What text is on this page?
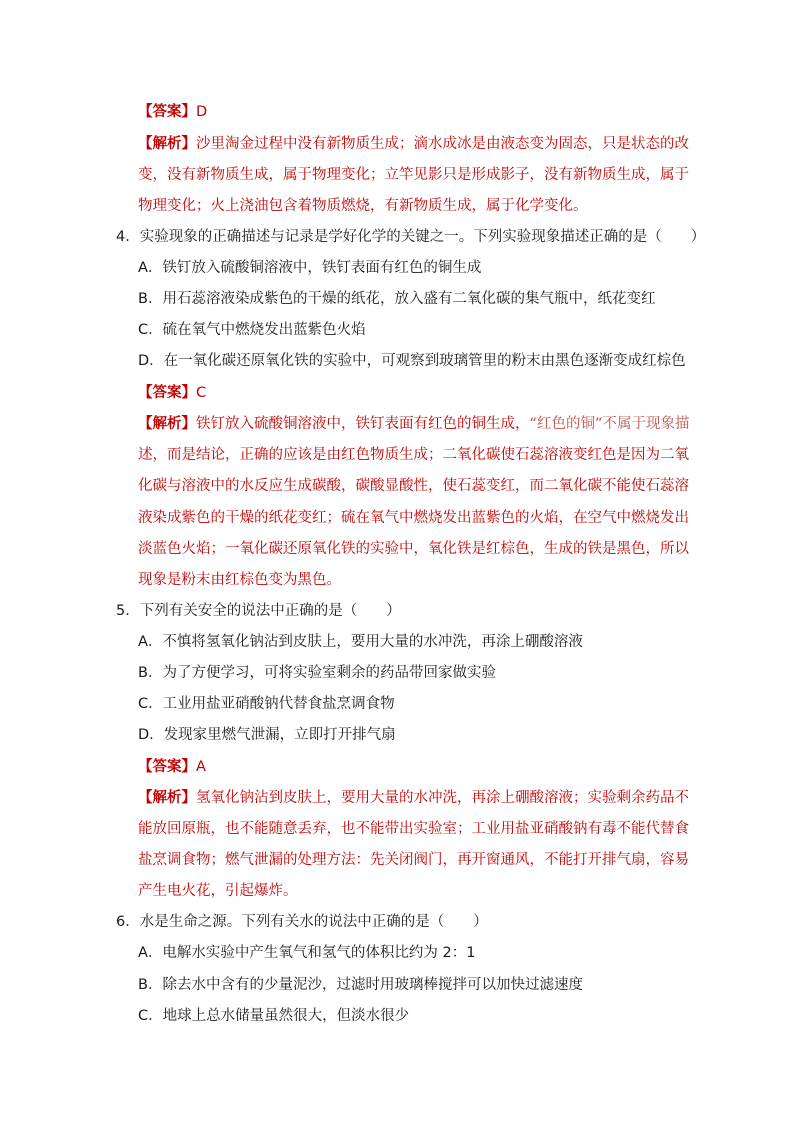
【答案】D
【解析】沙里淘金过程中没有新物质生成；滴水成冰是由液态变为固态，只是状态的改
变，没有新物质生成，属于物理变化；立竿见影只是形成影子，没有新物质生成，属于
物理变化；火上浇油包含着物质燃烧，有新物质生成，属于化学变化。
4．实验现象的正确描述与记录是学好化学的关键之一。下列实验现象描述正确的是（　　）
A．铁钉放入硫酸铜溶液中，铁钉表面有红色的铜生成
B．用石蕊溶液染成紫色的干燥的纸花，放入盛有二氧化碳的集气瓶中，纸花变红
C．硫在氧气中燃烧发出蓝紫色火焰
D．在一氧化碳还原氧化铁的实验中，可观察到玻璃管里的粉末由黑色逐渐变成红棕色
【答案】C
【解析】铁钉放入硫酸铜溶液中，铁钉表面有红色的铜生成，“红色的铜”不属于现象描
述，而是结论，正确的应该是由红色物质生成；二氧化碳使石蕊溶液变红色是因为二氧
化碳与溶液中的水反应生成碳酸，碳酸显酸性，使石蕊变红，而二氧化碳不能使石蕊溶
液染成紫色的干燥的纸花变红；硫在氧气中燃烧发出蓝紫色的火焰，在空气中燃烧发出
淡蓝色火焰；一氧化碳还原氧化铁的实验中，氧化铁是红棕色，生成的铁是黑色，所以
现象是粉末由红棕色变为黑色。
5．下列有关安全的说法中正确的是（　　）
A．不慎将氢氧化钠沾到皮肤上，要用大量的水冲洗，再涂上硼酸溶液
B．为了方便学习，可将实验室剩余的药品带回家做实验
C．工业用盐亚硝酸钠代替食盐烹调食物
D．发现家里燃气泄漏，立即打开排气扇
【答案】A
【解析】氢氧化钠沾到皮肤上，要用大量的水冲洗，再涂上硼酸溶液；实验剩余药品不
能放回原瓶，也不能随意丢弃，也不能带出实验室；工业用盐亚硝酸钠有毒不能代替食
盐烹调食物；燃气泄漏的处理方法：先关闭阀门，再开窗通风，不能打开排气扇，容易
产生电火花，引起爆炸。
6．水是生命之源。下列有关水的说法中正确的是（　　）
A．电解水实验中产生氧气和氢气的体积比约为 2：1
B．除去水中含有的少量泥沙，过滤时用玻璃棒搅拌可以加快过滤速度
C．地球上总水储量虽然很大，但淡水很少
